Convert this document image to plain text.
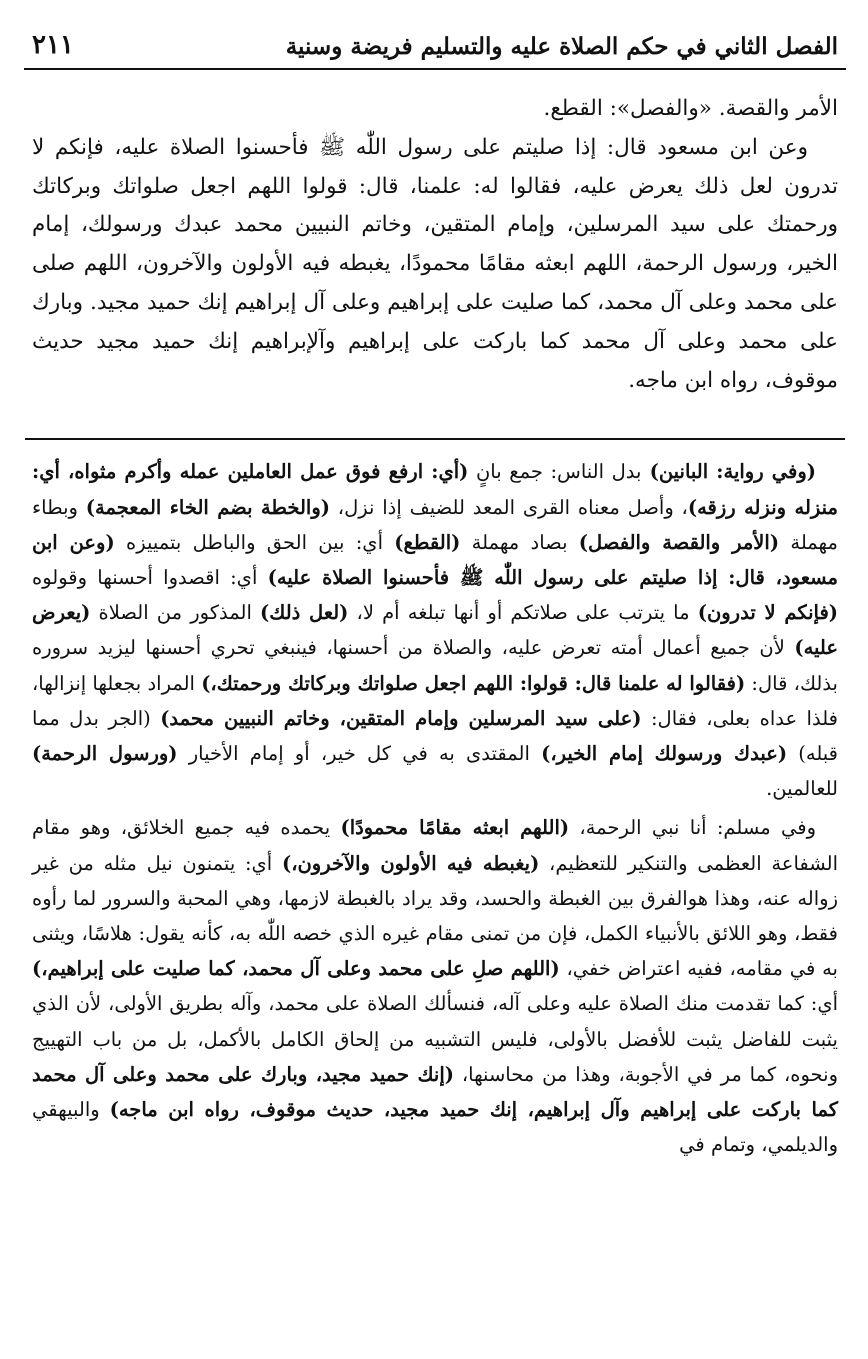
الفصل الثاني في حكم الصلاة عليه والتسليم فريضة وسنية
٢١١

الأمر والقصة. «والفصل»: القطع.

وعن ابن مسعود قال: إذا صليتم على رسول اللّٰه ﷺ فأحسنوا الصلاة عليه، فإنكم لا تدرون لعل ذلك يعرض عليه، فقالوا له: علمنا، قال: قولوا اللهم اجعل صلواتك وبركاتك ورحمتك على سيد المرسلين، وإمام المتقين، وخاتم النبيين محمد عبدك ورسولك، إمام الخير، ورسول الرحمة، اللهم ابعثه مقامًا محمودًا، يغبطه فيه الأولون والآخرون، اللهم صلى على محمد وعلى آل محمد، كما صليت على إبراهيم وعلى آل إبراهيم إنك حميد مجيد. وبارك على محمد وعلى آل محمد كما باركت على إبراهيم وآلإبراهيم إنك حميد مجيد حديث موقوف، رواه ابن ماجه.

(وفي رواية: البانين) بدل الناس: جمع بانٍ (أي: ارفع فوق عمل العاملين عمله وأكرم مثواه، أي: منزله ونزله رزقه)، وأصل معناه القرى المعد للضيف إذا نزل، (والخطة بضم الخاء المعجمة) وبطاء مهملة (الأمر والقصة والفصل) بصاد مهملة (القطع) أي: بين الحق والباطل بتمييزه (وعن ابن مسعود، قال: إذا صليتم على رسول اللّٰه ﷺ فأحسنوا الصلاة عليه) أي: اقصدوا أحسنها وقولوه (فإنكم لا تدرون) ما يترتب على صلاتكم أو أنها تبلغه أم لا، (لعل ذلك) المذكور من الصلاة (يعرض عليه) لأن جميع أعمال أمته تعرض عليه، والصلاة من أحسنها، فينبغي تحري أحسنها ليزيد سروره بذلك، قال: (فقالوا له علمنا قال: قولوا: اللهم اجعل صلواتك وبركاتك ورحمتك،) المراد بجعلها إنزالها، فلذا عداه بعلى، فقال: (على سيد المرسلين وإمام المتقين، وخاتم النبيين محمد) (الجر بدل مما قبله) (عبدك ورسولك إمام الخير،) المقتدى به في كل خير، أو إمام الأخيار (ورسول الرحمة) للعالمين.

وفي مسلم: أنا نبي الرحمة، (اللهم ابعثه مقامًا محمودًا) يحمده فيه جميع الخلائق، وهو مقام الشفاعة العظمى والتنكير للتعظيم، (يغبطه فيه الأولون والآخرون،) أي: يتمنون نيل مثله من غير زواله عنه، وهذا هوالفرق بين الغبطة والحسد، وقد يراد بالغبطة لازمها، وهي المحبة والسرور لما رأوه فقط، وهو اللائق بالأنبياء الكمل، فإن من تمنى مقام غيره الذي خصه اللّٰه به، كأنه يقول: هلاسًا، ويثنى به في مقامه، ففيه اعتراض خفي، (اللهم صلِ على محمد وعلى آل محمد، كما صليت على إبراهيم،) أي: كما تقدمت منك الصلاة عليه وعلى آله، فنسألك الصلاة على محمد، وآله بطريق الأولى، لأن الذي يثبت للفاضل يثبت للأفضل بالأولى، فليس التشبيه من إلحاق الكامل بالأكمل، بل من باب التهييج ونحوه، كما مر في الأجوبة، وهذا من محاسنها، (إنك حميد مجيد، وبارك على محمد وعلى آل محمد كما باركت على إبراهيم وآل إبراهيم، إنك حميد مجيد، حديث موقوف، رواه ابن ماجه) والبيهقي والديلمي، وتمام في
